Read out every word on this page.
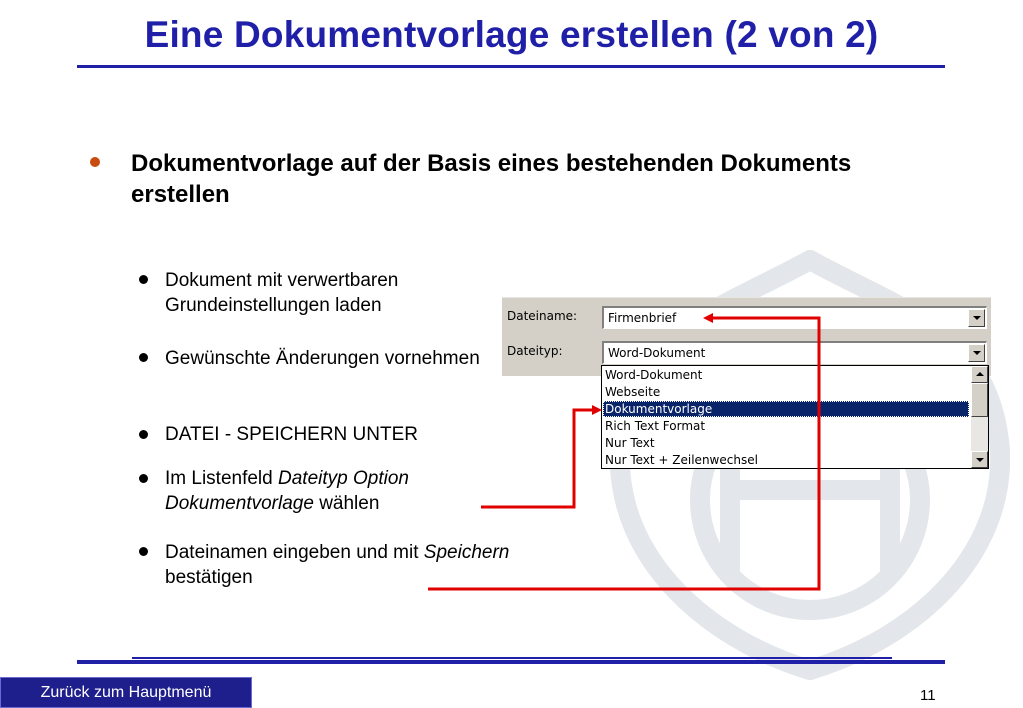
Eine Dokumentvorlage erstellen (2 von 2)
Dokumentvorlage auf der Basis eines bestehenden Dokuments erstellen
Dokument mit verwertbaren Grundeinstellungen laden
Gewünschte Änderungen vornehmen
DATEI - SPEICHERN UNTER
Im Listenfeld Dateityp Option Dokumentvorlage wählen
Dateinamen eingeben und mit Speichern bestätigen
Dateiname:	Firmenbrief
Dateityp:	Word-Dokument
Word-Dokument
Webseite
Dokumentvorlage
Rich Text Format
Nur Text
Nur Text + Zeilenwechsel
Zurück zum Hauptmenü	11
